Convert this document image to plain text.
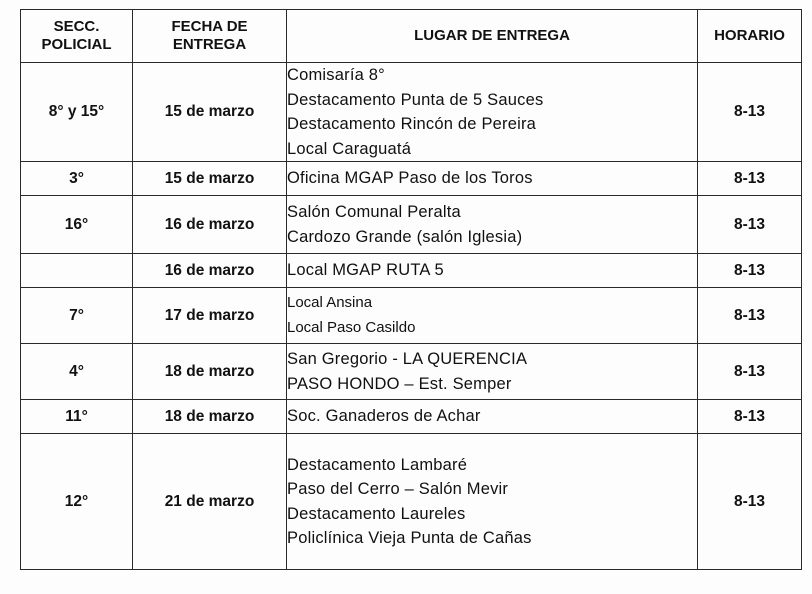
SECC.
POLICIAL	FECHA DE
ENTREGA	LUGAR DE ENTREGA	HORARIO
8° y 15°	15 de marzo	Comisaría 8°
Destacamento Punta de 5 Sauces
Destacamento Rincón de Pereira
Local Caraguatá	8-13
3°	15 de marzo	Oficina MGAP Paso de los Toros	8-13
16°	16 de marzo	Salón Comunal Peralta
Cardozo Grande (salón Iglesia)	8-13
	16 de marzo	Local MGAP RUTA 5	8-13
7°	17 de marzo	Local Ansina
Local Paso Casildo	8-13
4°	18 de marzo	San Gregorio - LA QUERENCIA
PASO HONDO – Est. Semper	8-13
11°	18 de marzo	Soc. Ganaderos de Achar	8-13
12°	21 de marzo	Destacamento Lambaré
Paso del Cerro – Salón Mevir
Destacamento Laureles
Policlínica Vieja Punta de Cañas	8-13
